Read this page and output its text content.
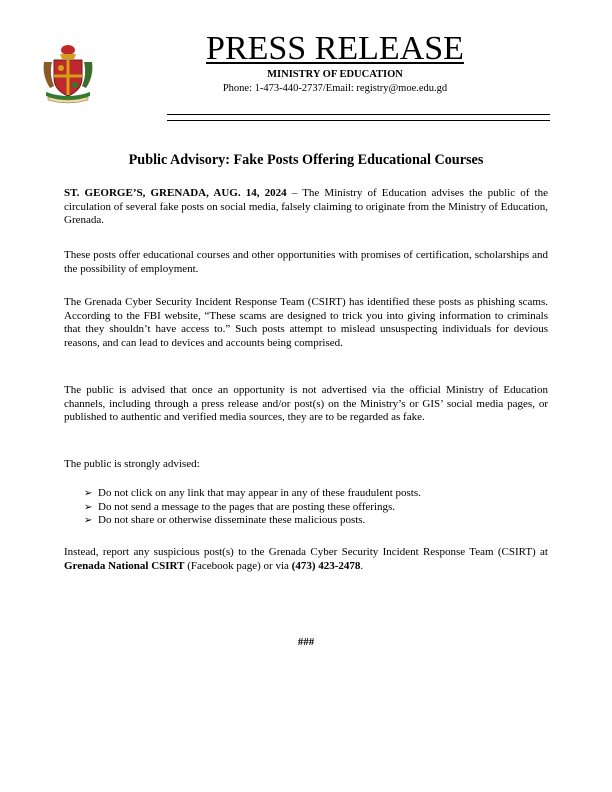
PRESS RELEASE
MINISTRY OF EDUCATION
Phone: 1-473-440-2737/Email: registry@moe.edu.gd
Public Advisory: Fake Posts Offering Educational Courses
ST. GEORGE’S, GRENADA, AUG. 14, 2024 – The Ministry of Education advises the public of the circulation of several fake posts on social media, falsely claiming to originate from the Ministry of Education, Grenada.
These posts offer educational courses and other opportunities with promises of certification, scholarships and the possibility of employment.
The Grenada Cyber Security Incident Response Team (CSIRT) has identified these posts as phishing scams. According to the FBI website, “These scams are designed to trick you into giving information to criminals that they shouldn’t have access to.” Such posts attempt to mislead unsuspecting individuals for devious reasons, and can lead to devices and accounts being comprised.
The public is advised that once an opportunity is not advertised via the official Ministry of Education channels, including through a press release and/or post(s) on the Ministry’s or GIS’ social media pages, or published to authentic and verified media sources, they are to be regarded as fake.
The public is strongly advised:
➢ Do not click on any link that may appear in any of these fraudulent posts.
➢ Do not send a message to the pages that are posting these offerings.
➢ Do not share or otherwise disseminate these malicious posts.
Instead, report any suspicious post(s) to the Grenada Cyber Security Incident Response Team (CSIRT) at Grenada National CSIRT (Facebook page) or via (473) 423-2478.
###
